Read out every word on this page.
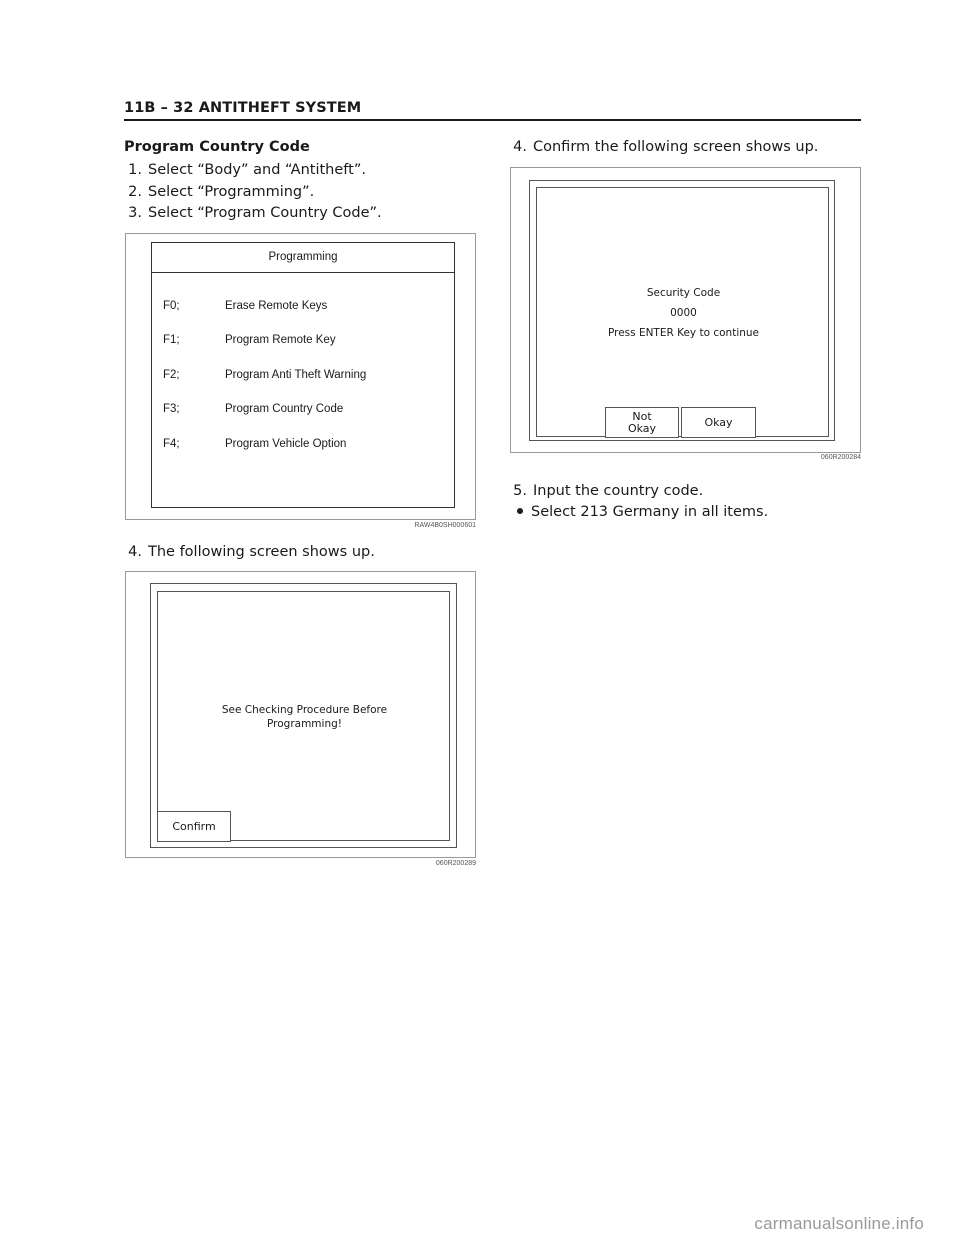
11B – 32 ANTITHEFT SYSTEM
Program Country Code
1. Select “Body” and “Antitheft”.
2. Select “Programming”.
3. Select “Program Country Code”.
Programming
F0;	Erase Remote Keys
F1;	Program Remote Key
F2;	Program Anti Theft Warning
F3;	Program Country Code
F4;	Program Vehicle Option
RAW4B0SH000601
4. The following screen shows up.
See Checking Procedure Before
Programming!
Confirm
060R200289
4. Confirm the following screen shows up.
Security Code
0000
Press ENTER Key to continue
Not
Okay	Okay
060R200284
5. Input the country code.
Select 213 Germany in all items.
carmanualsonline.info
